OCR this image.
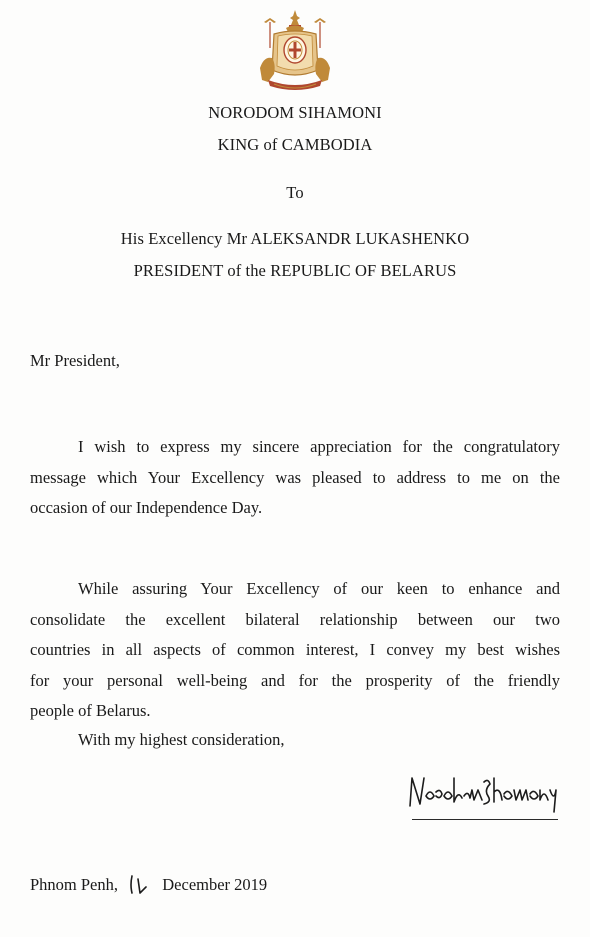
NORODOM SIHAMONI
KING of CAMBODIA
To
His Excellency Mr ALEKSANDR LUKASHENKO
PRESIDENT of the REPUBLIC OF BELARUS
Mr President,
I wish to express my sincere appreciation for the congratulatory
message which Your Excellency was pleased to address to me on the
occasion of our Independence Day.
While assuring Your Excellency of our keen to enhance and
consolidate the excellent bilateral relationship between our two
countries in all aspects of common interest, I convey my best wishes
for your personal well-being and for the prosperity of the friendly
people of Belarus.
With my highest consideration,
Phnom Penh,	December 2019
